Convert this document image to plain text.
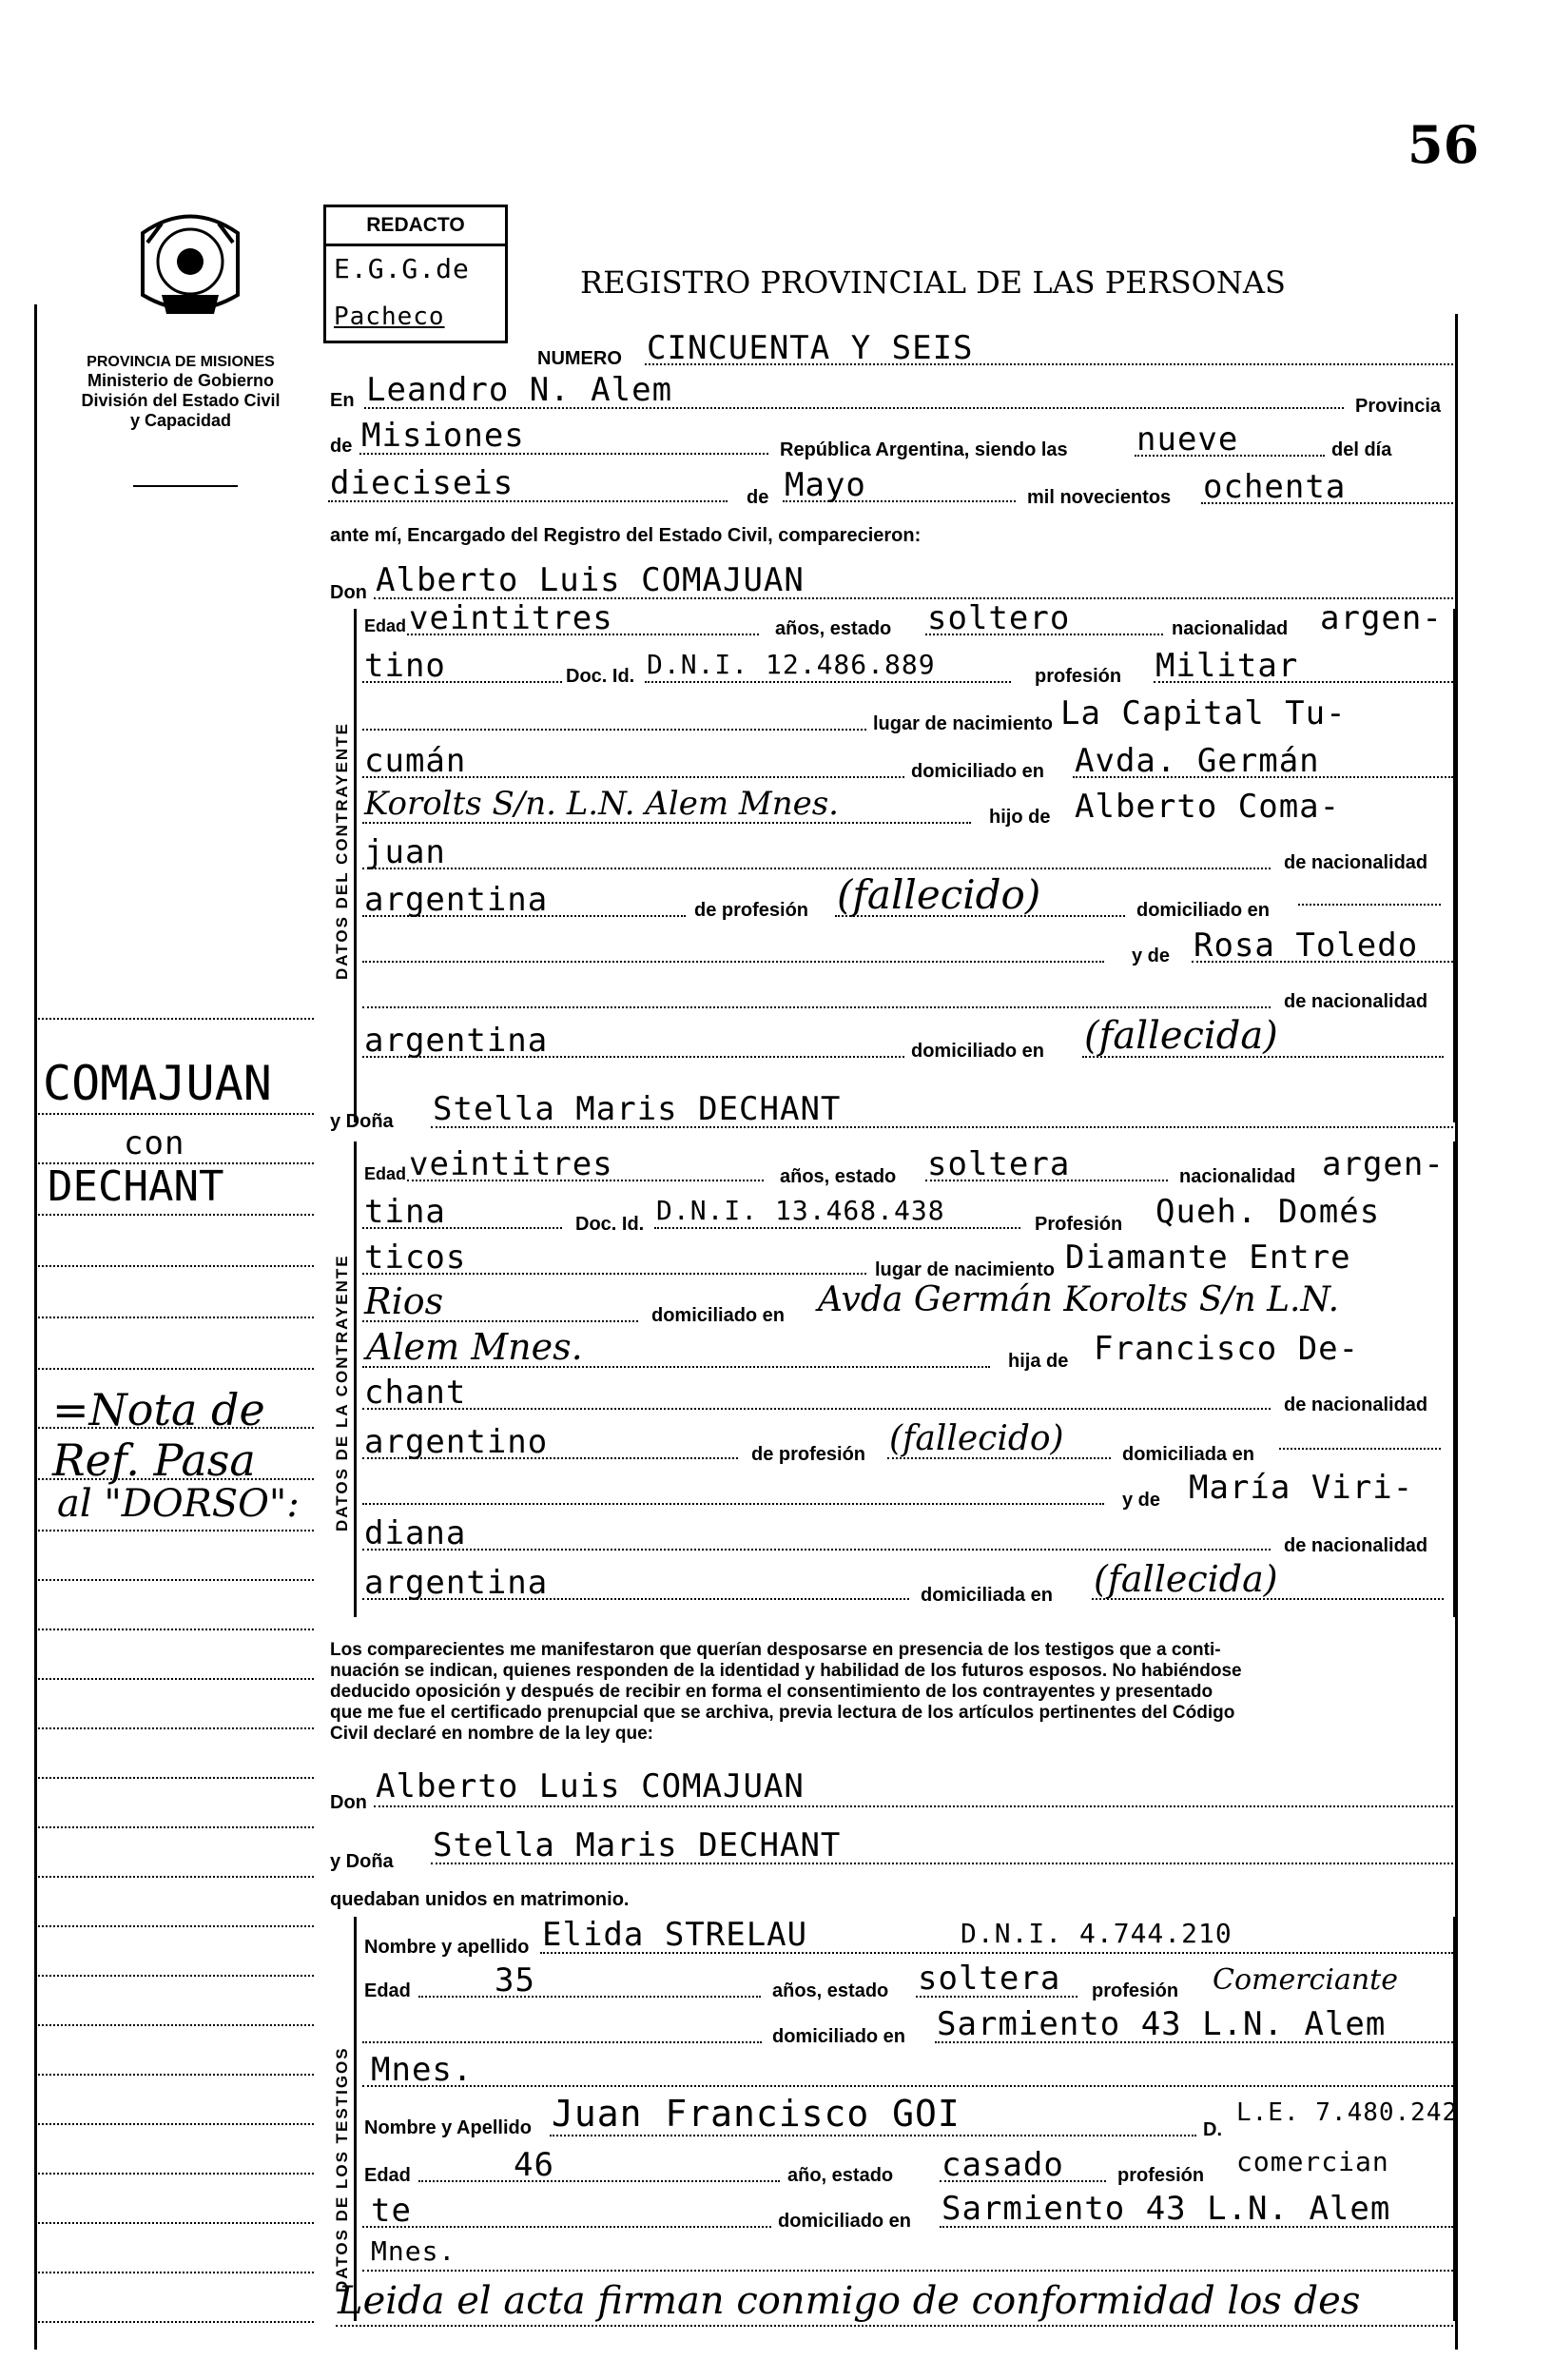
56
PROVINCIA DE MISIONES
Ministerio de Gobierno
División del Estado Civil
y Capacidad
REDACTO
E.G.G.de
Pacheco
REGISTRO PROVINCIAL DE LAS PERSONAS
NUMERO CINCUENTA Y SEIS
En Leandro N. Alem	Provincia
de Misiones	República Argentina, siendo las nueve	del día
dieciseis	de Mayo	mil novecientos ochenta
ante mí, Encargado del Registro del Estado Civil, comparecieron:
Don Alberto Luis COMAJUAN
DATOS DEL CONTRAYENTE
Edad veintitres	años, estado soltero	nacionalidad argen-
tino	Doc. Id. D.N.I. 12.486.889	profesión Militar
lugar de nacimiento La Capital Tu-
cumán	domiciliado en Avda. Germán
Korolts S/n. L.N. Alem Mnes.	hijo de Alberto Coma-
juan	de nacionalidad
argentina	de profesión (fallecido)	domiciliado en
y de Rosa Toledo
de nacionalidad
argentina	domiciliado en (fallecida)
y Doña Stella Maris DECHANT
COMAJUAN
con
DECHANT
=Nota de
Ref. Pasa
al "DORSO": DATOS DE LA CONTRAYENTE
Edad veintitres	años, estado soltera	nacionalidad argen-
tina	Doc. Id. D.N.I. 13.468.438	Profesión Queh. Domés
ticos	lugar de nacimiento Diamante Entre
Rios	domiciliado en Avda Germán Korolts S/n L.N.
Alem Mnes.	hija de Francisco De-
chant	de nacionalidad
argentino	de profesión (fallecido)	domiciliada en
y de María Viri-
diana	de nacionalidad
argentina	domiciliada en (fallecida)
Los comparecientes me manifestaron que querían desposarse en presencia de los testigos que a conti-
nuación se indican, quienes responden de la identidad y habilidad de los futuros esposos. No habiéndose
deducido oposición y después de recibir en forma el consentimiento de los contrayentes y presentado
que me fue el certificado prenupcial que se archiva, previa lectura de los artículos pertinentes del Código
Civil declaré en nombre de la ley que:
Don Alberto Luis COMAJUAN
y Doña Stella Maris DECHANT
quedaban unidos en matrimonio.
DATOS DE LOS TESTIGOS
Nombre y apellido Elida STRELAU	D.N.I. 4.744.210
Edad	35	años, estado soltera profesión Comerciante
domiciliado en Sarmiento 43 L.N. Alem
Mnes.
Nombre y Apellido Juan Francisco GOI	D.
L.E. 7.480.242
Edad	46	año, estado casado	profesión comercian
te	domiciliado en Sarmiento 43 L.N. Alem
Mnes.
Leida el acta firman conmigo de conformidad los des
